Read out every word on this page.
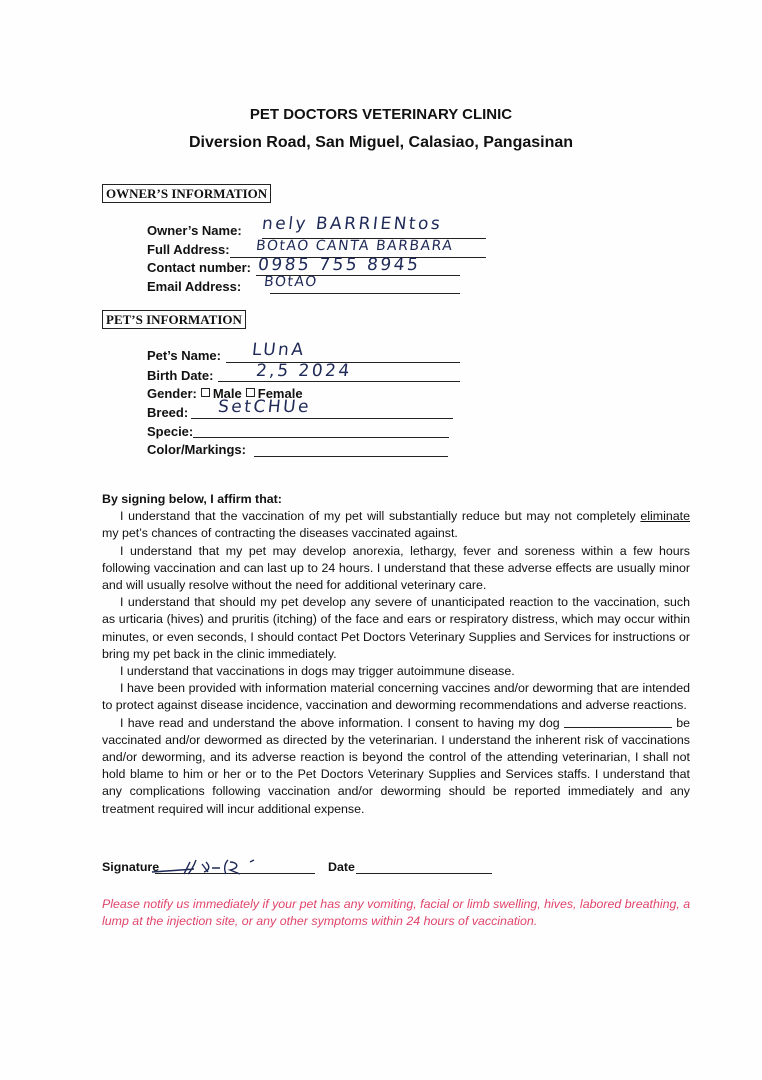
PET DOCTORS VETERINARY CLINIC
Diversion Road, San Miguel, Calasiao, Pangasinan
OWNER’S INFORMATION
Owner’s Name: nely BARRIENtos
Full Address: BOtAO CANTA BARBARA
Contact number: 0985 755 8945
Email Address: BOtAO
PET’S INFORMATION
Pet’s Name: LUnA
Birth Date: 2,5 2024
Gender: Male Female
Breed: SetCHUe
Specie:
Color/Markings:
By signing below, I affirm that:

I understand that the vaccination of my pet will substantially reduce but may not completely eliminate my pet’s chances of contracting the diseases vaccinated against.

I understand that my pet may develop anorexia, lethargy, fever and soreness within a few hours following vaccination and can last up to 24 hours. I understand that these adverse effects are usually minor and will usually resolve without the need for additional veterinary care.

I understand that should my pet develop any severe of unanticipated reaction to the vaccination, such as urticaria (hives) and pruritis (itching) of the face and ears or respiratory distress, which may occur within minutes, or even seconds, I should contact Pet Doctors Veterinary Supplies and Services for instructions or bring my pet back in the clinic immediately.

I understand that vaccinations in dogs may trigger autoimmune disease.

I have been provided with information material concerning vaccines and/or deworming that are intended to protect against disease incidence, vaccination and deworming recommendations and adverse reactions.

I have read and understand the above information. I consent to having my dog	be vaccinated and/or dewormed as directed by the veterinarian. I understand the inherent risk of vaccinations and/or deworming, and its adverse reaction is beyond the control of the attending veterinarian, I shall not hold blame to him or her or to the Pet Doctors Veterinary Supplies and Services staffs. I understand that any complications following vaccination and/or deworming should be reported immediately and any treatment required will incur additional expense.

Signature	Date
Please notify us immediately if your pet has any vomiting, facial or limb swelling, hives, labored breathing, a lump at the injection site, or any other symptoms within 24 hours of vaccination.
